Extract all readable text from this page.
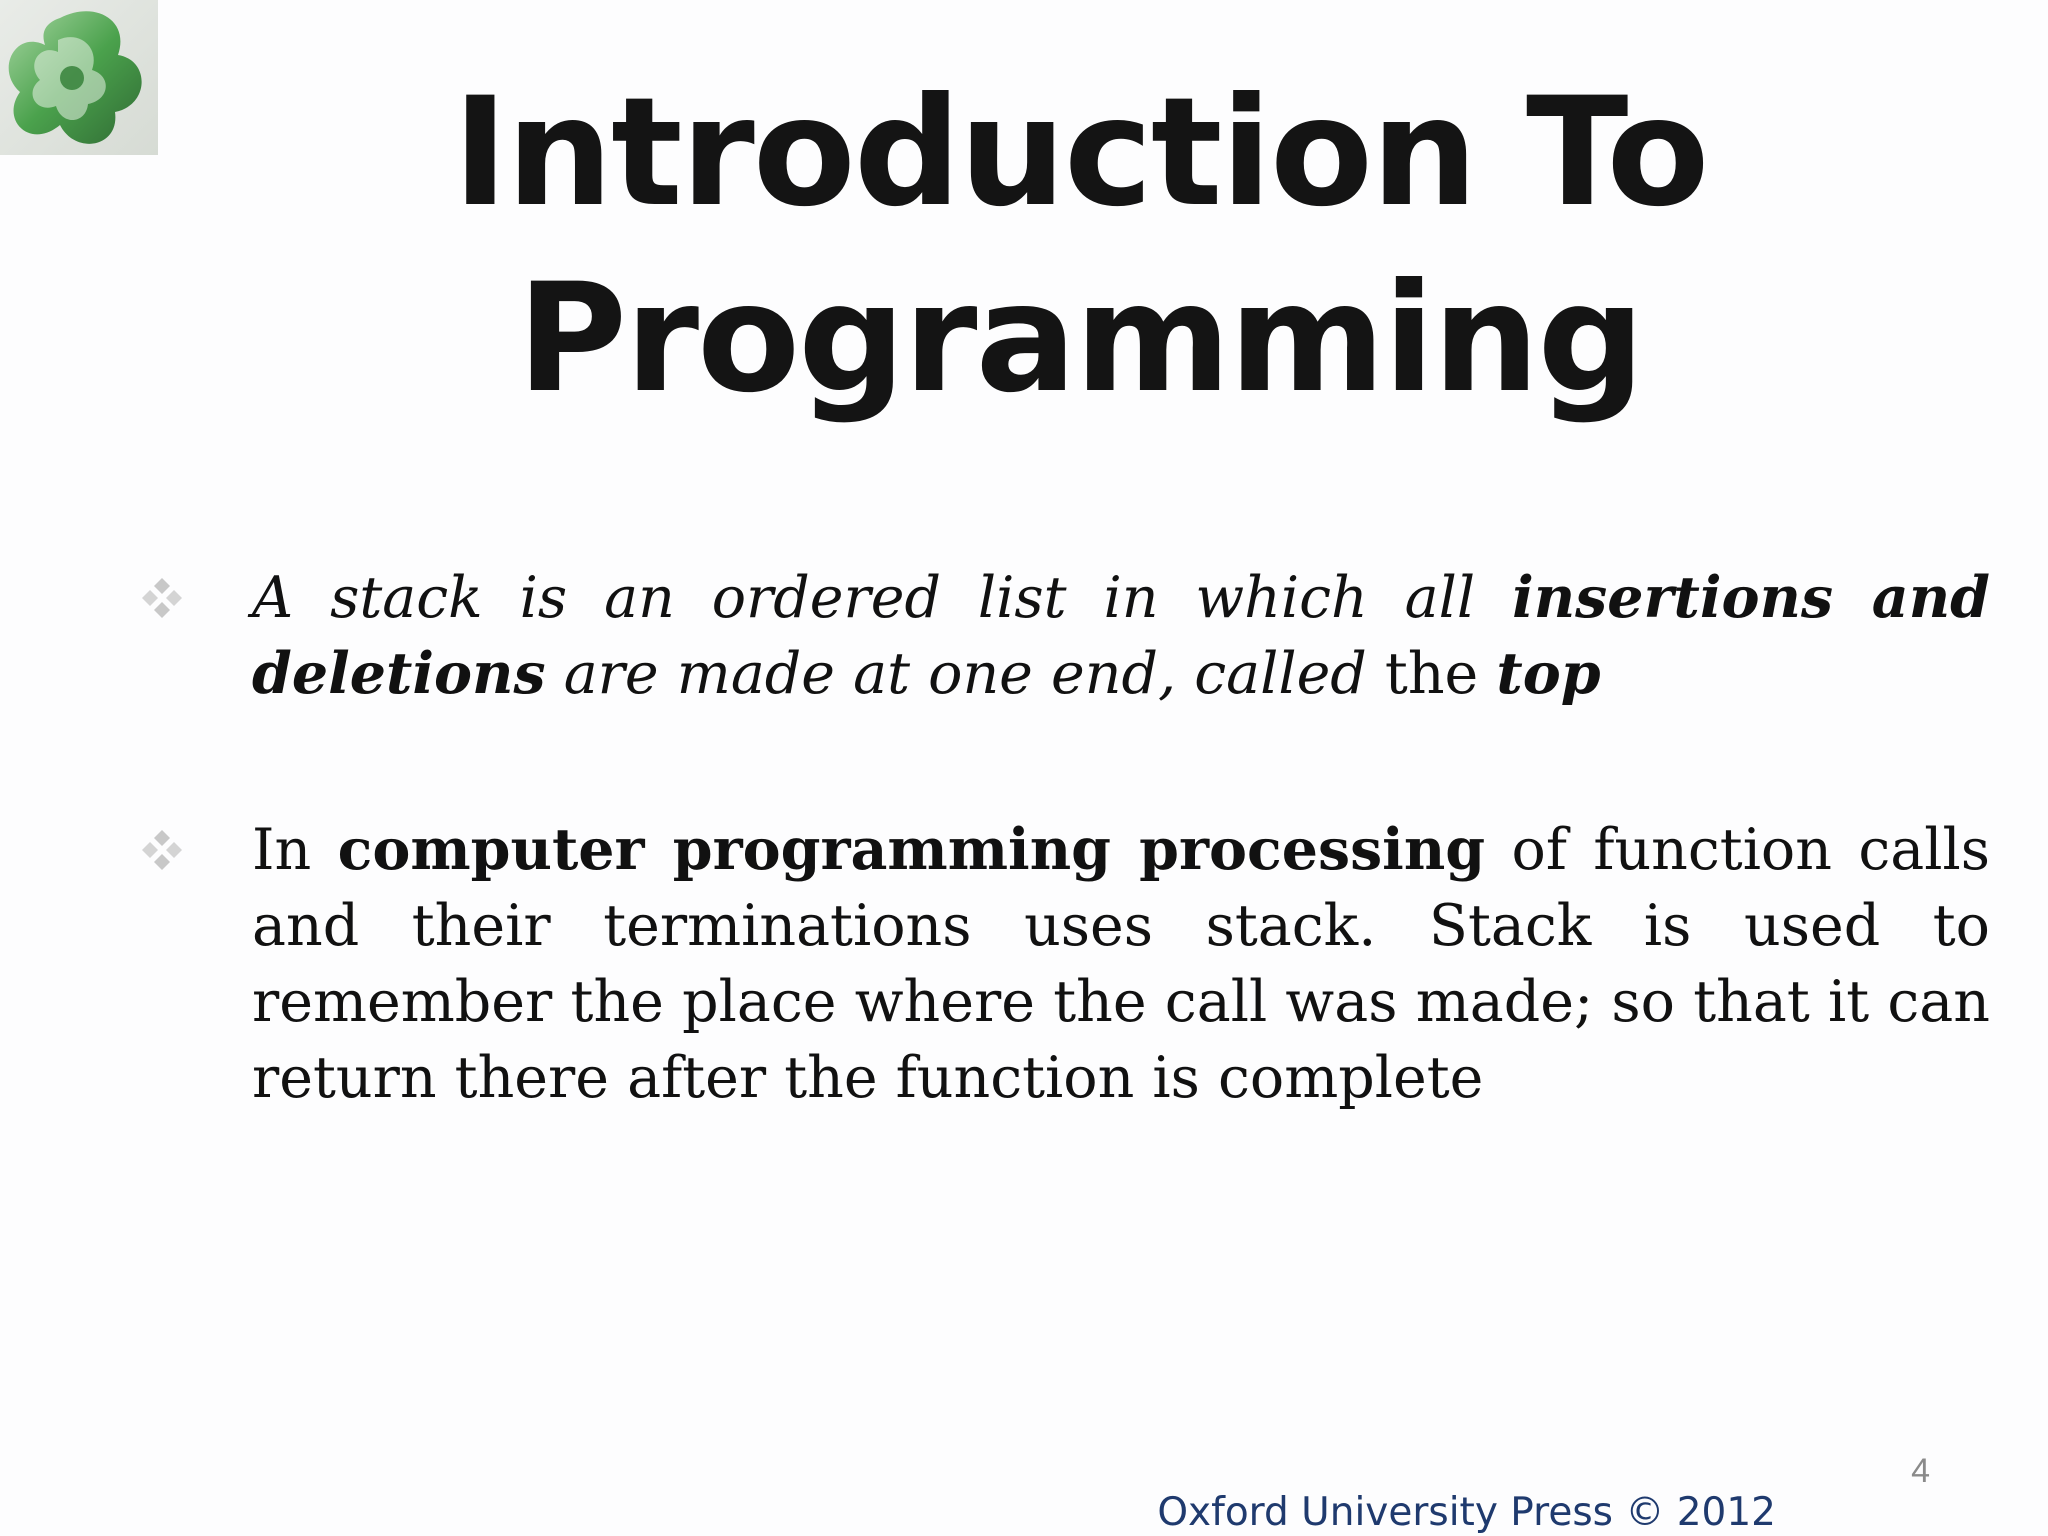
Introduction To
Programming
A stack is an ordered list in which all insertions and deletions are made at one end, called the top
In computer programming processing of function calls and their terminations uses stack. Stack is used to remember the place where the call was made; so that it can return there after the function is complete
4
Oxford University Press © 2012
